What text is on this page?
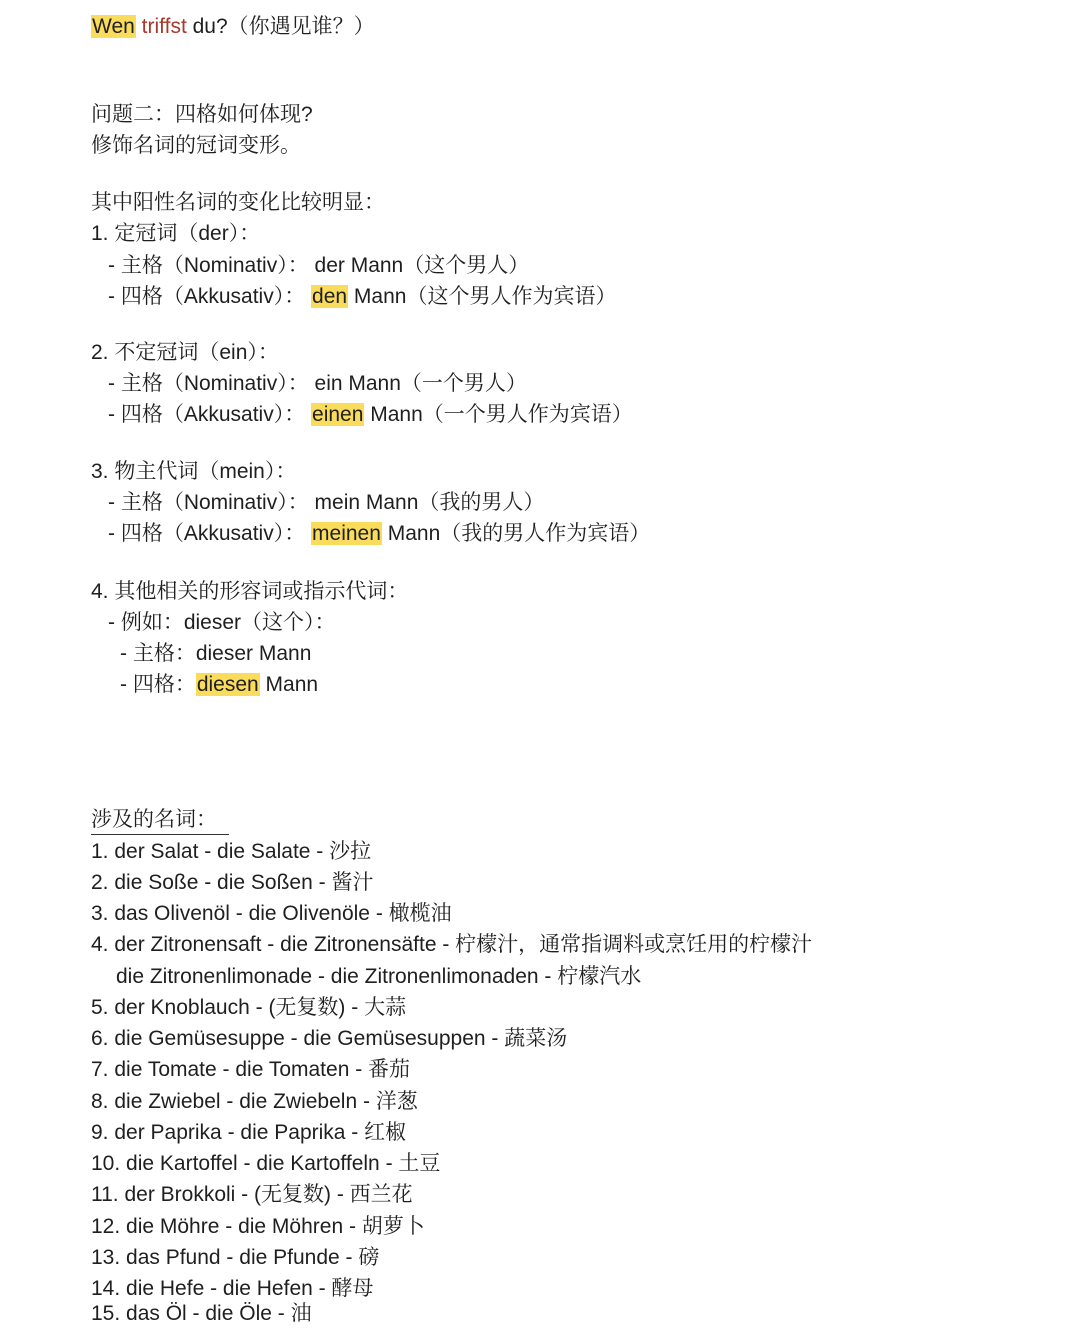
Wen triffst du?（你遇见谁？）
问题二：四格如何体现?
修饰名词的冠词变形。
其中阳性名词的变化比较明显：
1. 定冠词（der）：
- 主格（Nominativ）： der Mann（这个男人）
- 四格（Akkusativ）： den Mann（这个男人作为宾语）
2. 不定冠词（ein）：
- 主格（Nominativ）： ein Mann（一个男人）
- 四格（Akkusativ）： einen Mann（一个男人作为宾语）
3. 物主代词（mein）：
- 主格（Nominativ）： mein Mann（我的男人）
- 四格（Akkusativ）： meinen Mann（我的男人作为宾语）
4. 其他相关的形容词或指示代词：
- 例如：dieser（这个）：
- 主格：dieser Mann
- 四格：diesen Mann
涉及的名词：
1. der Salat - die Salate - 沙拉
2. die Soße - die Soßen - 酱汁
3. das Olivenöl - die Olivenöle - 橄榄油
4. der Zitronensaft - die Zitronensäfte - 柠檬汁，通常指调料或烹饪用的柠檬汁
die Zitronenlimonade - die Zitronenlimonaden - 柠檬汽水
5. der Knoblauch - (无复数) - 大蒜
6. die Gemüsesuppe - die Gemüsesuppen - 蔬菜汤
7. die Tomate - die Tomaten - 番茄
8. die Zwiebel - die Zwiebeln - 洋葱
9. der Paprika - die Paprika - 红椒
10. die Kartoffel - die Kartoffeln - 土豆
11. der Brokkoli - (无复数) - 西兰花
12. die Möhre - die Möhren - 胡萝卜
13. das Pfund - die Pfunde - 磅
14. die Hefe - die Hefen - 酵母
15. das Öl - die Öle - 油
